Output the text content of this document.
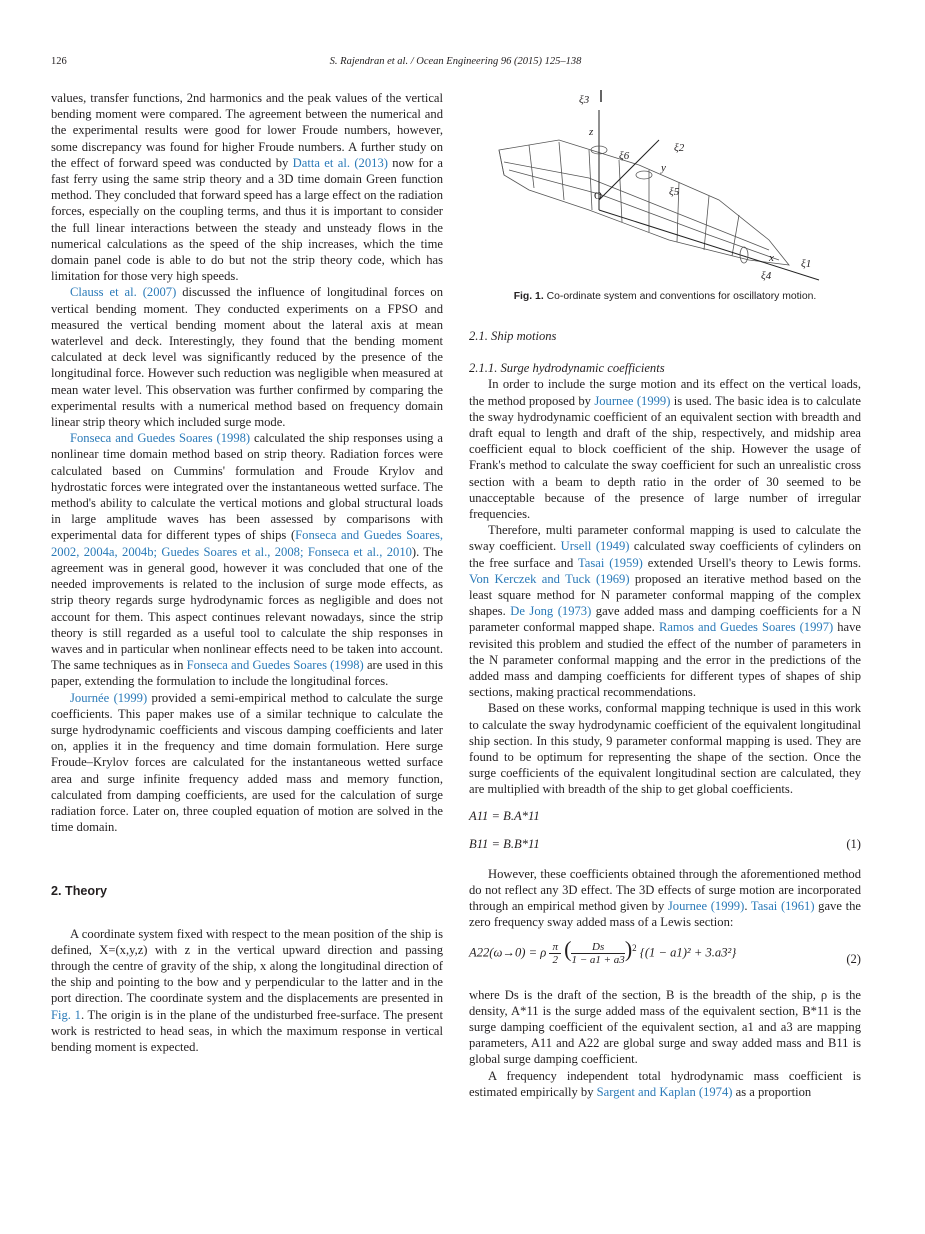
126	S. Rajendran et al. / Ocean Engineering 96 (2015) 125–138

values, transfer functions, 2nd harmonics and the peak values of the vertical bending moment were compared. The agreement between the numerical and the experimental results were good for lower Froude numbers, however, some discrepancy was found for higher Froude numbers. A further study on the effect of forward speed was conducted by Datta et al. (2013) now for a fast ferry using the same strip theory and a 3D time domain Green function method. They concluded that forward speed has a large effect on the radiation forces, especially on the coupling terms, and thus it is important to consider the full linear interactions between the steady and unsteady flows in the numerical calculations as the speed of the ship increases, which the time domain panel code is able to do but not the strip theory code, which has limitation for those very high speeds.

Clauss et al. (2007) discussed the influence of longitudinal forces on vertical bending moment. They conducted experiments on a FPSO and measured the vertical bending moment about the lateral axis at mean waterlevel and deck. Interestingly, they found that the bending moment calculated at deck level was significantly reduced by the presence of the longitudinal force. However such reduction was negligible when measured at mean water level. This observation was further confirmed by comparing the experimental results with a numerical method based on frequency domain linear strip theory which included surge mode.

Fonseca and Guedes Soares (1998) calculated the ship responses using a nonlinear time domain method based on strip theory. Radiation forces were calculated based on Cummins' formulation and Froude Krylov and hydrostatic forces were integrated over the instantaneous wetted surface. The method's ability to calculate the vertical motions and global structural loads in large amplitude waves has been assessed by comparisons with experimental data for different types of ships (Fonseca and Guedes Soares, 2002, 2004a, 2004b; Guedes Soares et al., 2008; Fonseca et al., 2010). The agreement was in general good, however it was concluded that one of the needed improvements is related to the inclusion of surge mode effects, as strip theory regards surge hydrodynamic forces as negligible and does not account for them. This aspect continues relevant nowadays, since the strip theory is still regarded as a useful tool to calculate the ship responses in waves and in particular when nonlinear effects need to be taken into account. The same techniques as in Fonseca and Guedes Soares (1998) are used in this paper, extending the formulation to include the longitudinal forces.

Journée (1999) provided a semi-empirical method to calculate the surge coefficients. This paper makes use of a similar technique to calculate the surge hydrodynamic coefficients and viscous damping coefficients and later on, applies it in the frequency and time domain formulation. Here surge Froude–Krylov forces are calculated for the instantaneous wetted surface area and surge infinite frequency added mass and memory function, calculated from damping coefficients, are used for the calculation of surge radiation force. Later on, three coupled equation of motion are solved in the time domain.

2. Theory

A coordinate system fixed with respect to the mean position of the ship is defined, X=(x,y,z) with z in the vertical upward direction and passing through the centre of gravity of the ship, x along the longitudinal direction of the ship and pointing to the bow and y perpendicular to the latter and in the port direction. The coordinate system and the displacements are presented in Fig. 1. The origin is in the plane of the undisturbed free-surface. The present work is restricted to head seas, in which the maximum response in vertical bending moment is expected.

ξ3
z
ξ6
ξ2
y
ξ5
O
x
ξ4
ξ1

Fig. 1. Co-ordinate system and conventions for oscillatory motion.

2.1. Ship motions

2.1.1. Surge hydrodynamic coefficients

In order to include the surge motion and its effect on the vertical loads, the method proposed by Journee (1999) is used. The basic idea is to calculate the sway hydrodynamic coefficient of an equivalent section with breadth and draft equal to length and draft of the ship, respectively, and midship area coefficient equal to block coefficient of the ship. However the usage of Frank's method to calculate the sway coefficient for such an unrealistic cross section with a beam to depth ratio in the order of 30 seemed to be unacceptable because of the presence of large number of irregular frequencies.

Therefore, multi parameter conformal mapping is used to calculate the sway coefficient. Ursell (1949) calculated sway coefficients of cylinders on the free surface and Tasai (1959) extended Ursell's theory to Lewis forms. Von Kerczek and Tuck (1969) proposed an iterative method based on the least square method for N parameter conformal mapping of the complex shapes. De Jong (1973) gave added mass and damping coefficients for a N parameter conformal mapped shape. Ramos and Guedes Soares (1997) have revisited this problem and studied the effect of the number of parameters in the N parameter conformal mapping and the error in the predictions of the added mass and damping coefficients for different types of shapes of ship sections, making practical recommendations.

Based on these works, conformal mapping technique is used in this work to calculate the sway hydrodynamic coefficient of the equivalent longitudinal ship section. In this study, 9 parameter conformal mapping is used. They are found to be optimum for representing the shape of the section. Once the surge coefficients of the equivalent longitudinal section are calculated, they are multiplied with breadth of the ship to get global coefficients.

A11 = B.A*11
B11 = B.B*11	(1)

However, these coefficients obtained through the aforementioned method do not reflect any 3D effect. The 3D effects of surge motion are incorporated through an empirical method given by Journee (1999). Tasai (1961) gave the zero frequency sway added mass of a Lewis section:

A22(ω→0) = ρ $\frac{\pi}{2}$ ( $\frac{Ds}{1 - a1 + a3} )^2$ {(1 − a1)² + 3.a3²}	(2)

where Ds is the draft of the section, B is the breadth of the ship, ρ is the density, A*11 is the surge added mass of the equivalent section, B*11 is the surge damping coefficient of the equivalent section, a1 and a3 are mapping parameters, A11 and A22 are global surge and sway added mass and B11 is global surge damping coefficient.

A frequency independent total hydrodynamic mass coefficient is estimated empirically by Sargent and Kaplan (1974) as a proportion
